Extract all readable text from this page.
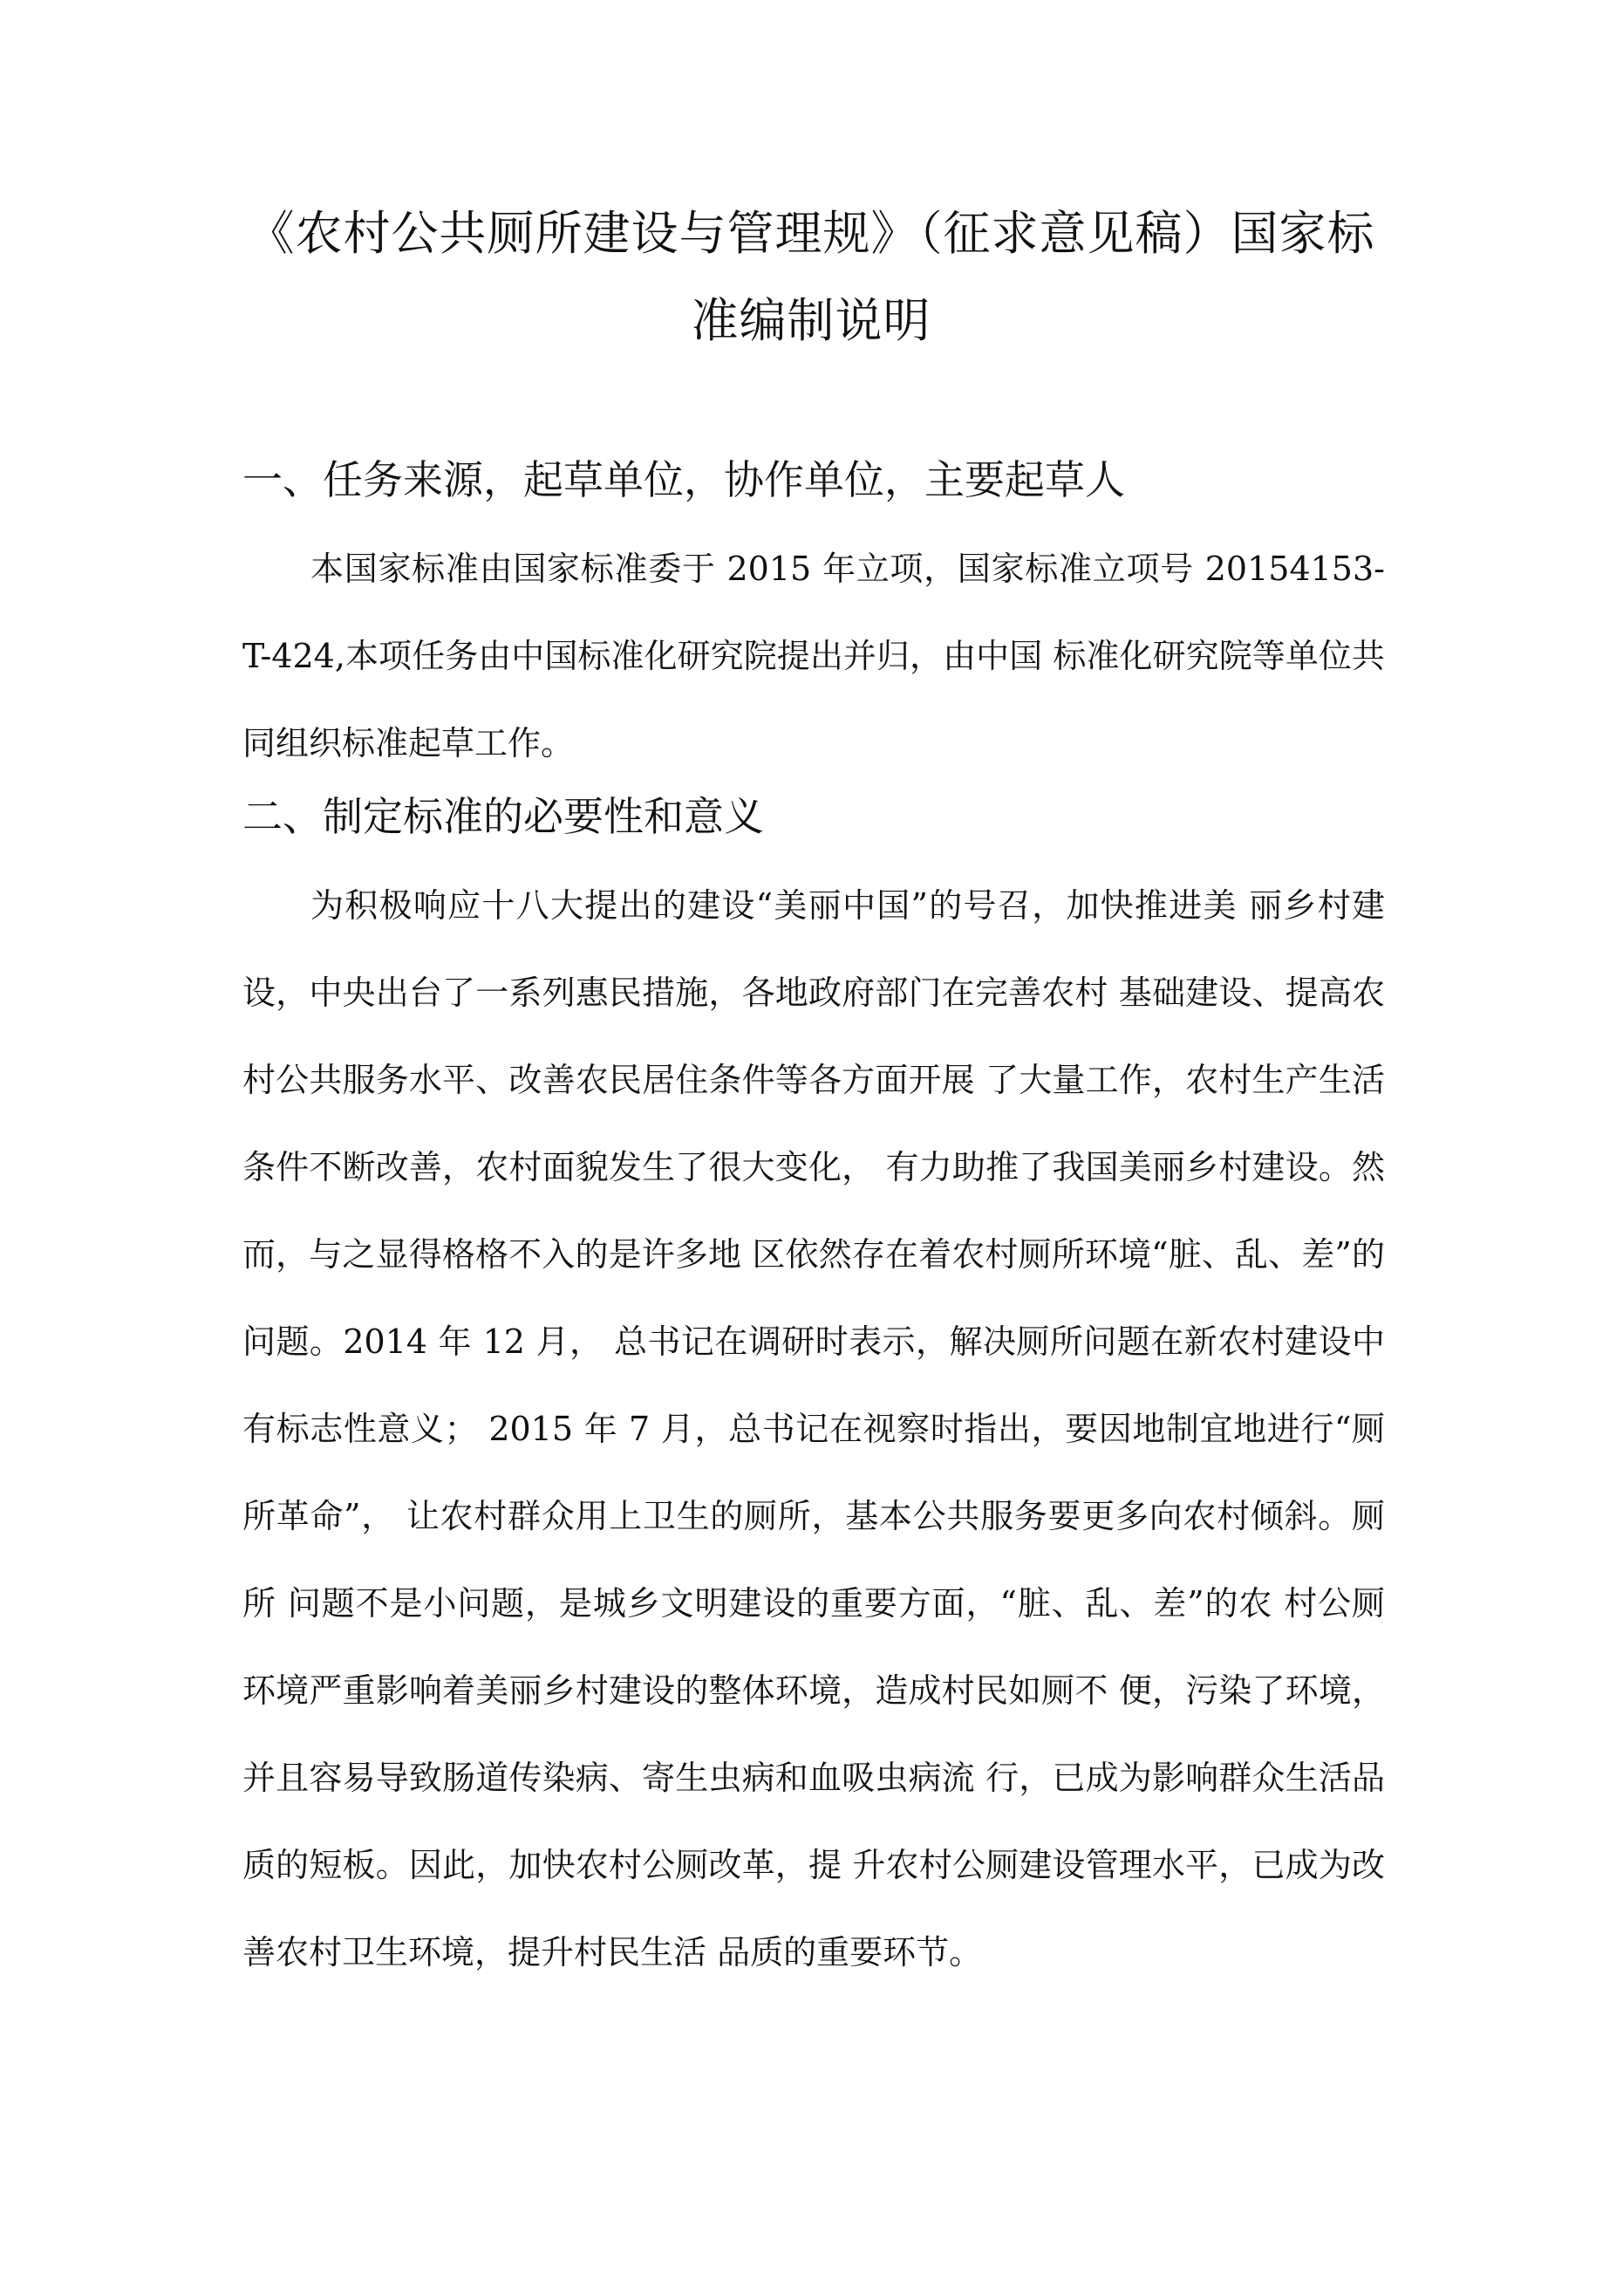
《农村公共厕所建设与管理规》（征求意见稿）国家标准编制说明
一、任务来源，起草单位，协作单位，主要起草人

本国家标准由国家标准委于 2015 年立项，国家标准立项号 20154153-T-424,本项任务由中国标准化研究院提出并归，由中国 标准化研究院等单位共同组织标准起草工作。

二、制定标准的必要性和意义

为积极响应十八大提出的建设“美丽中国”的号召，加快推进美 丽乡村建设，中央出台了一系列惠民措施，各地政府部门在完善农村 基础建设、提高农村公共服务水平、改善农民居住条件等各方面开展 了大量工作，农村生产生活条件不断改善，农村面貌发生了很大变化， 有力助推了我国美丽乡村建设。然而，与之显得格格不入的是许多地 区依然存在着农村厕所环境“脏、乱、差”的问题。2014 年 12 月， 总书记在调研时表示，解决厕所问题在新农村建设中有标志性意义； 2015 年 7 月，总书记在视察时指出，要因地制宜地进行“厕所革命”， 让农村群众用上卫生的厕所，基本公共服务要更多向农村倾斜。厕所 问题不是小问题，是城乡文明建设的重要方面，“脏、乱、差”的农 村公厕环境严重影响着美丽乡村建设的整体环境，造成村民如厕不 便，污染了环境，并且容易导致肠道传染病、寄生虫病和血吸虫病流 行，已成为影响群众生活品质的短板。因此，加快农村公厕改革，提 升农村公厕建设管理水平，已成为改善农村卫生环境，提升村民生活 品质的重要环节。
